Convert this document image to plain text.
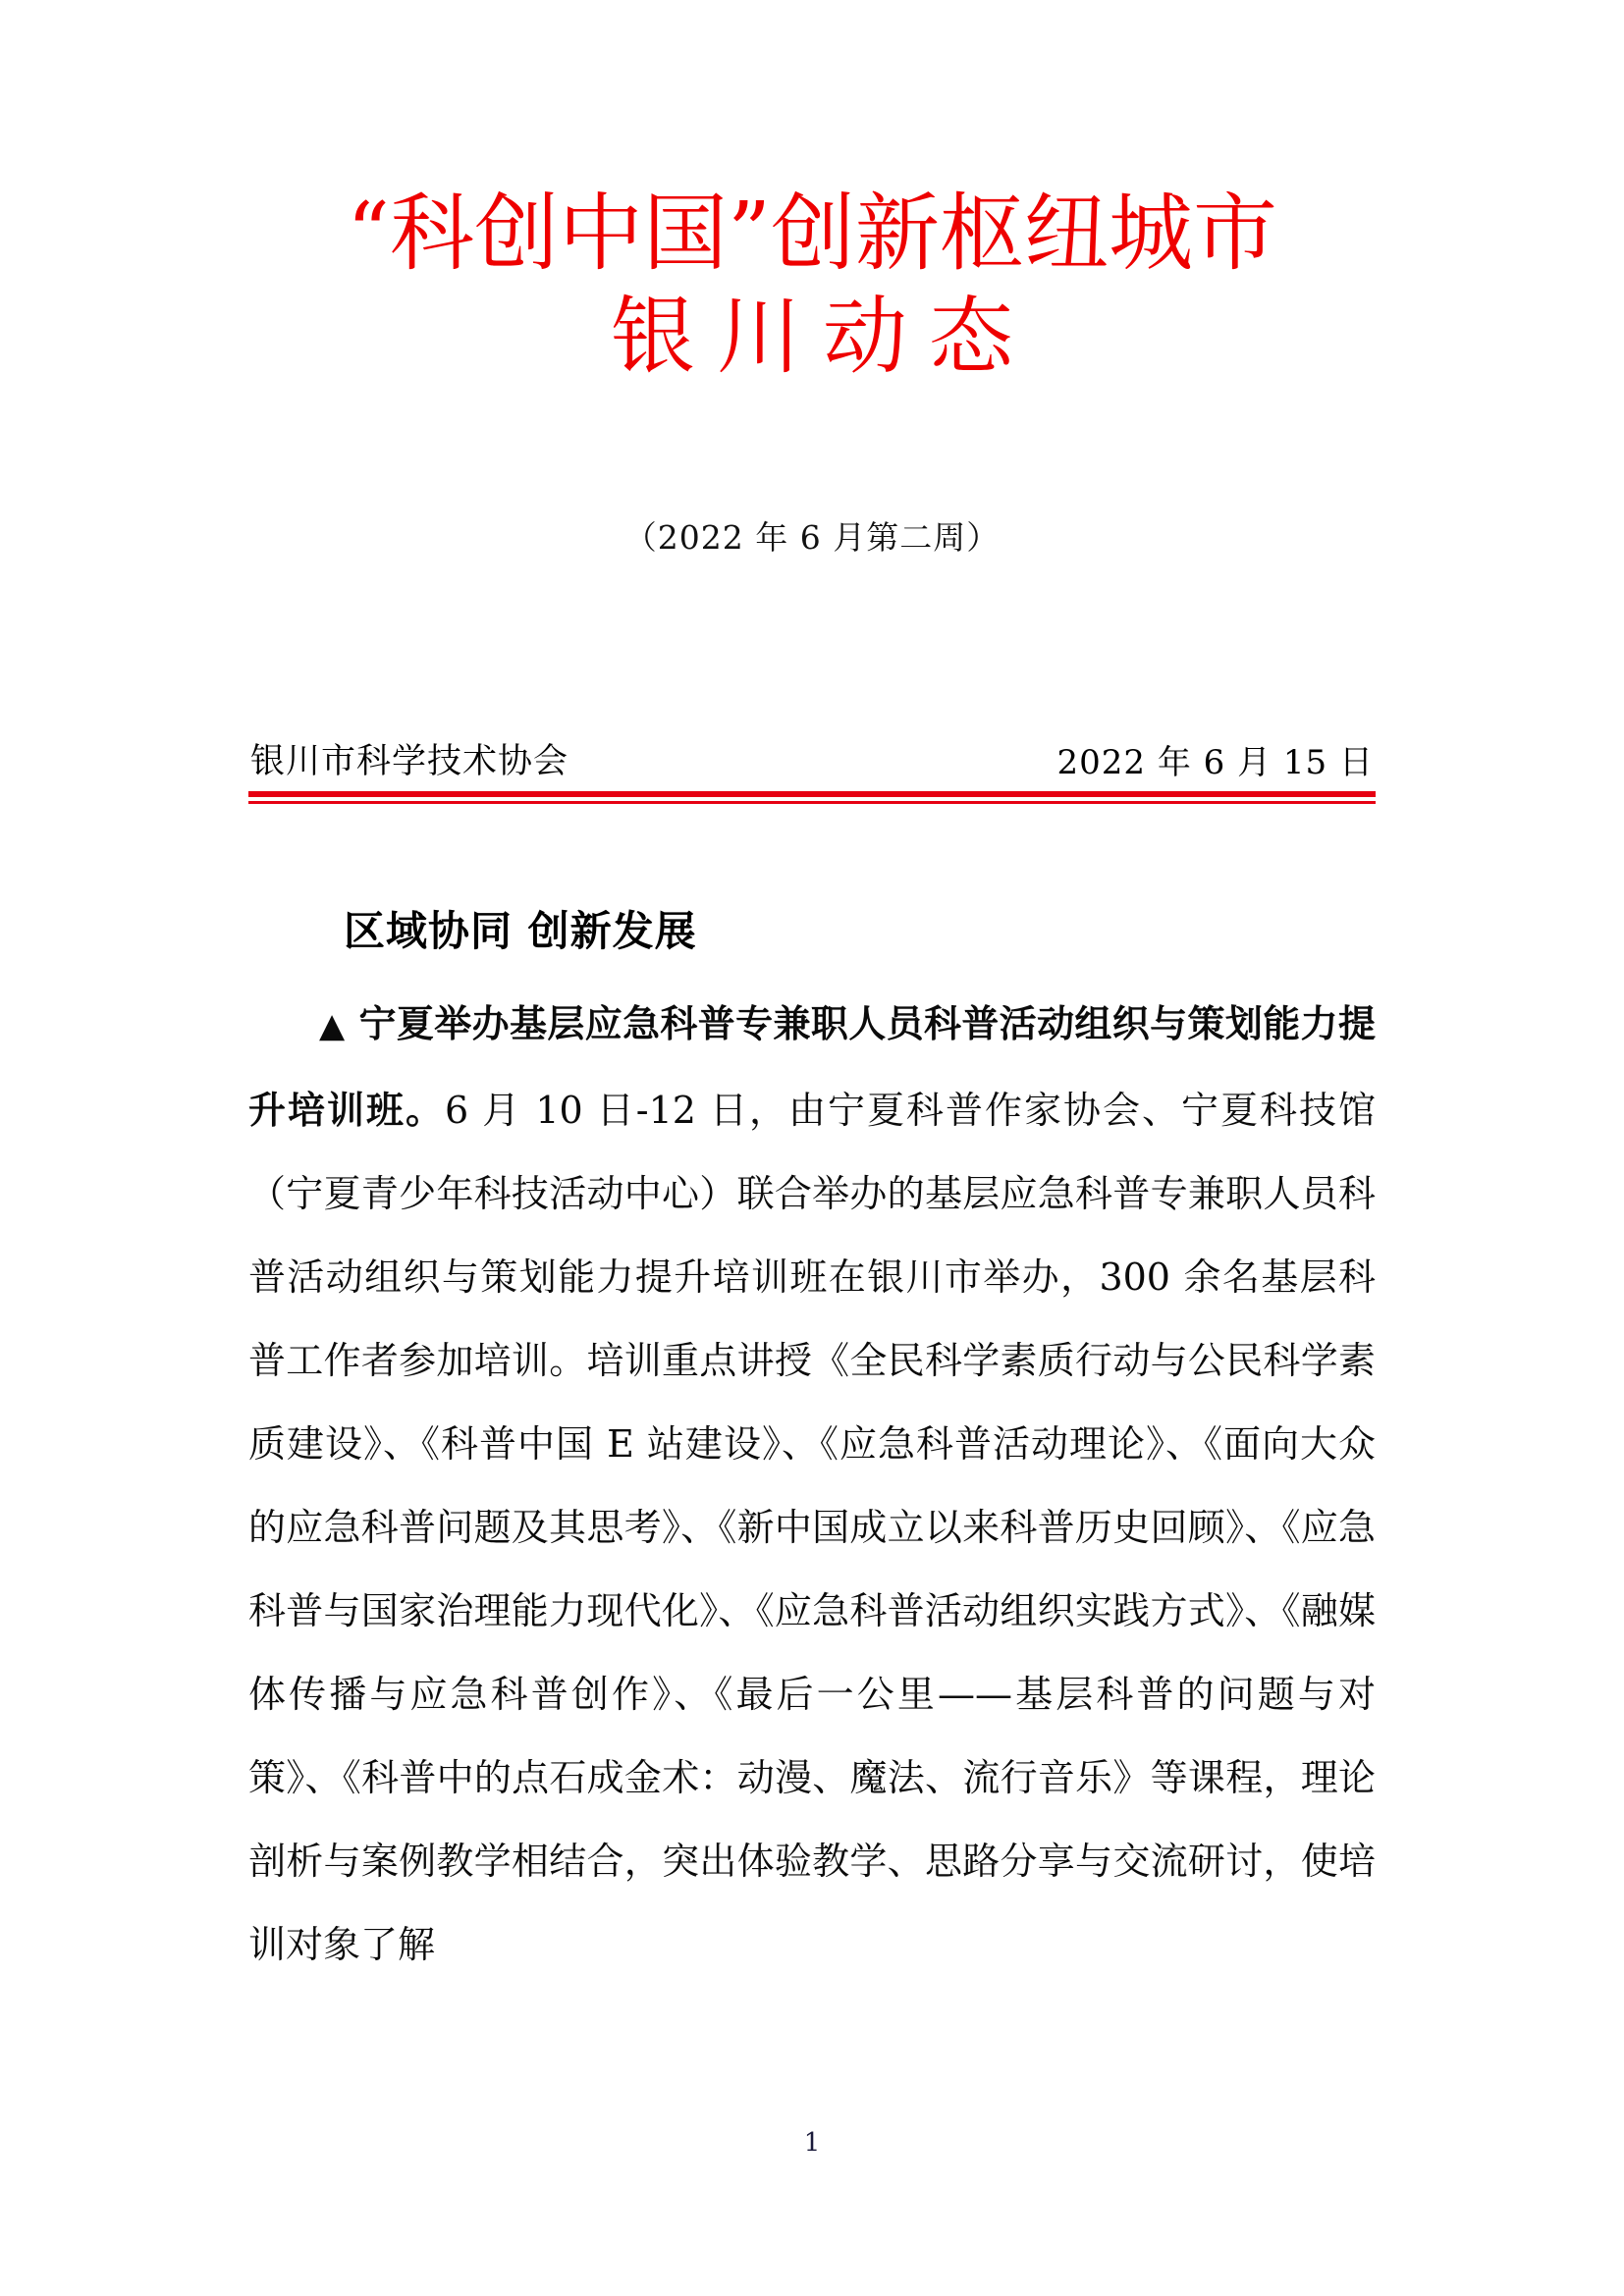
“科创中国”创新枢纽城市
银川动态
（2022 年 6 月第二周）
银川市科学技术协会	2022 年 6 月 15 日
区域协同 创新发展

▲ 宁夏举办基层应急科普专兼职人员科普活动组织与策划能力提升培训班。6 月 10 日-12 日，由宁夏科普作家协会、宁夏科技馆（宁夏青少年科技活动中心）联合举办的基层应急科普专兼职人员科普活动组织与策划能力提升培训班在银川市举办，300 余名基层科普工作者参加培训。培训重点讲授《全民科学素质行动与公民科学素质建设》、《科普中国 E 站建设》、《应急科普活动理论》、《面向大众的应急科普问题及其思考》、《新中国成立以来科普历史回顾》、《应急科普与国家治理能力现代化》、《应急科普活动组织实践方式》、《融媒体传播与应急科普创作》、《最后一公里——基层科普的问题与对策》、《科普中的点石成金术：动漫、魔法、流行音乐》等课程，理论剖析与案例教学相结合，突出体验教学、思路分享与交流研讨，使培训对象了解

1
